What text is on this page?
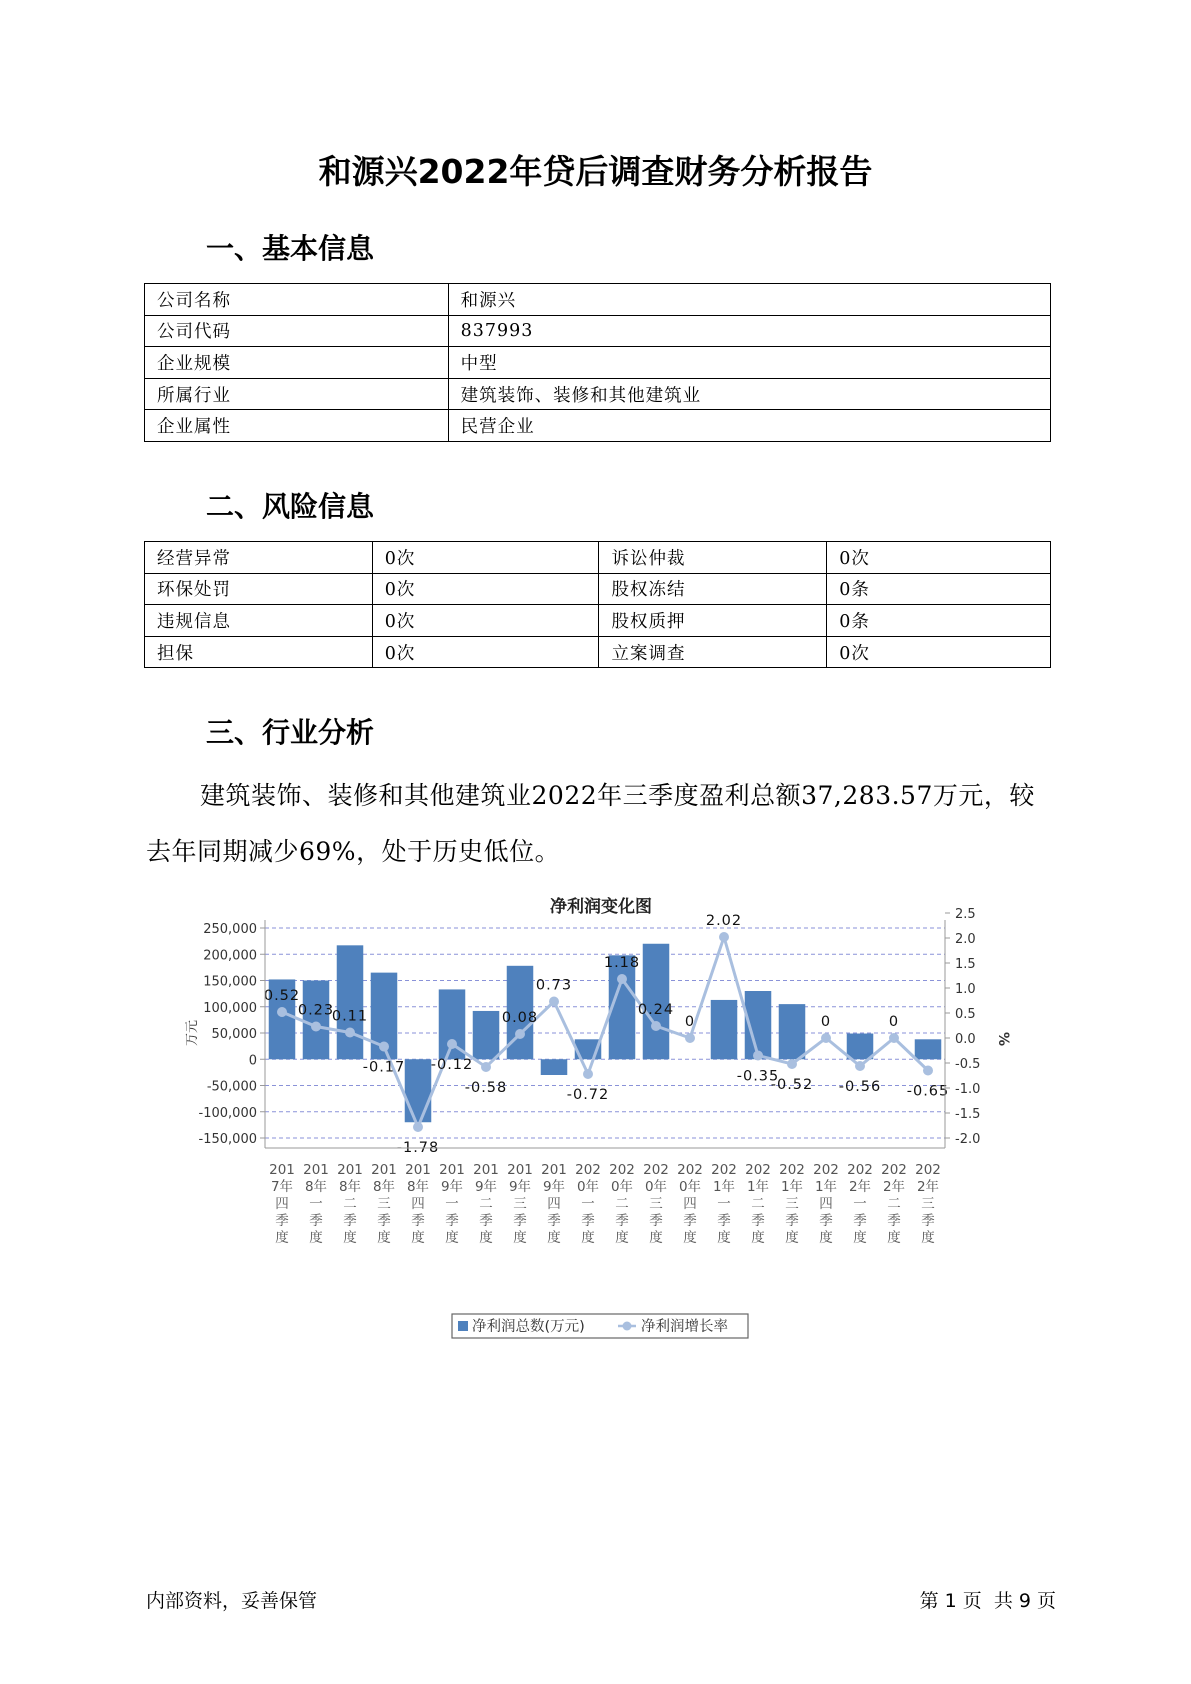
和源兴2022年贷后调查财务分析报告
一、基本信息
公司名称	和源兴
公司代码	837993
企业规模	中型
所属行业	建筑装饰、装修和其他建筑业
企业属性	民营企业
二、风险信息
经营异常	0次	诉讼仲裁	0次
环保处罚	0次	股权冻结	0条
违规信息	0次	股权质押	0条
担保	0次	立案调查	0次
三、行业分析
建筑装饰、装修和其他建筑业2022年三季度盈利总额37,283.57万元，较去年同期减少69%，处于历史低位。
净利润变化图
0.52
0.23
0.11
-0.17
-1.78
-0.12
-0.58
0.08
0.73
-0.72
1.18
0.24
0
2.02
-0.35
-0.52
0
-0.56
0
-0.65
250,000
200,000
150,000
100,000
50,000
0
-50,000
-100,000
-150,000
2.5
2.0
1.5
1.0
0.5
0.0
-0.5
-1.0
-1.5
-2.0
万元	%
201
7年
四
季
度
201
8年
一
季
度
201
8年
二
季
度
201
8年
三
季
度
201
8年
四
季
度
201
9年
一
季
度
201
9年
二
季
度
201
9年
三
季
度
201
9年
四
季
度
202
0年
一
季
度
202
0年
二
季
度
202
0年
三
季
度
202
0年
四
季
度
202
1年
一
季
度
202
1年
二
季
度
202
1年
三
季
度
202
1年
四
季
度
202
2年
一
季
度
202
2年
二
季
度
202
2年
三
季
度
净利润总数(万元)	净利润增长率
内部资料，妥善保管	第 1 页  共 9 页
